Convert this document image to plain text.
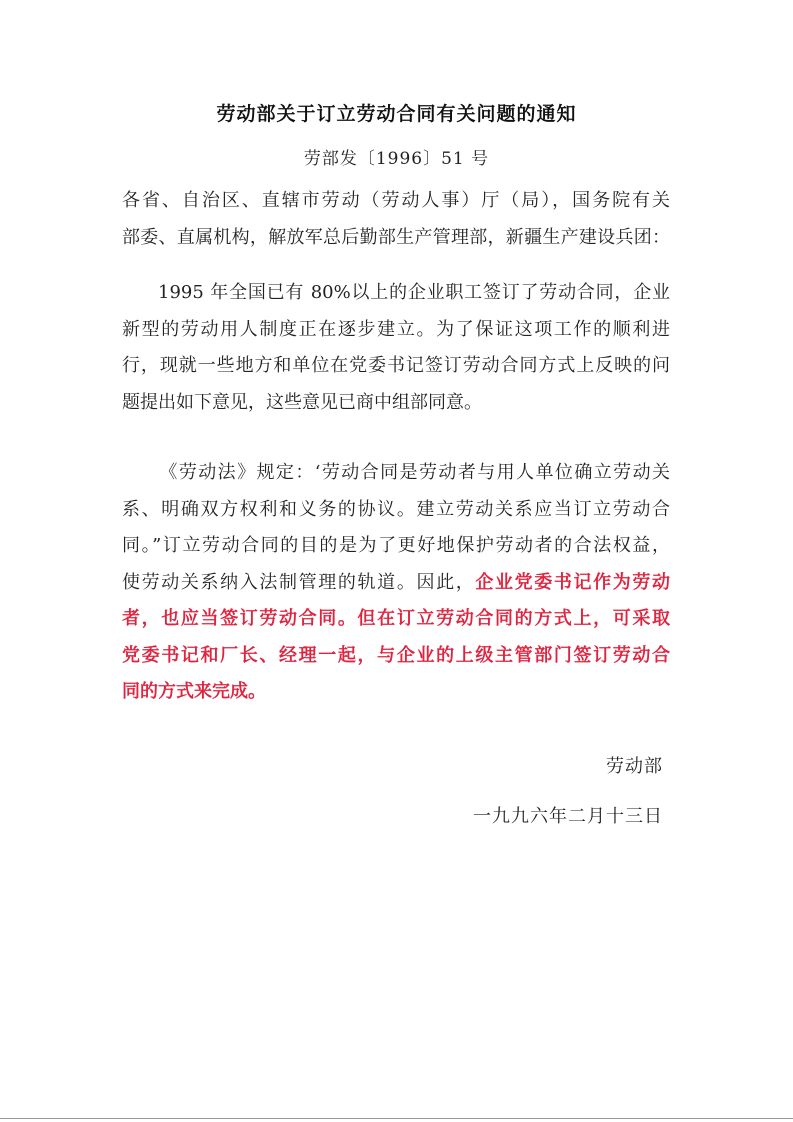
劳动部关于订立劳动合同有关问题的通知
劳部发〔1996〕51 号
各省、自治区、直辖市劳动（劳动人事）厅（局），国务院有关
部委、直属机构，解放军总后勤部生产管理部，新疆生产建设兵团：
1995 年全国已有 80%以上的企业职工签订了劳动合同，企业
新型的劳动用人制度正在逐步建立。为了保证这项工作的顺利进
行，现就一些地方和单位在党委书记签订劳动合同方式上反映的问
题提出如下意见，这些意见已商中组部同意。
《劳动法》规定：‘劳动合同是劳动者与用人单位确立劳动关
系、明确双方权利和义务的协议。建立劳动关系应当订立劳动合
同。”订立劳动合同的目的是为了更好地保护劳动者的合法权益，
使劳动关系纳入法制管理的轨道。因此，企业党委书记作为劳动
者，也应当签订劳动合同。但在订立劳动合同的方式上，可采取
党委书记和厂长、经理一起，与企业的上级主管部门签订劳动合
同的方式来完成。
劳动部
一九九六年二月十三日
